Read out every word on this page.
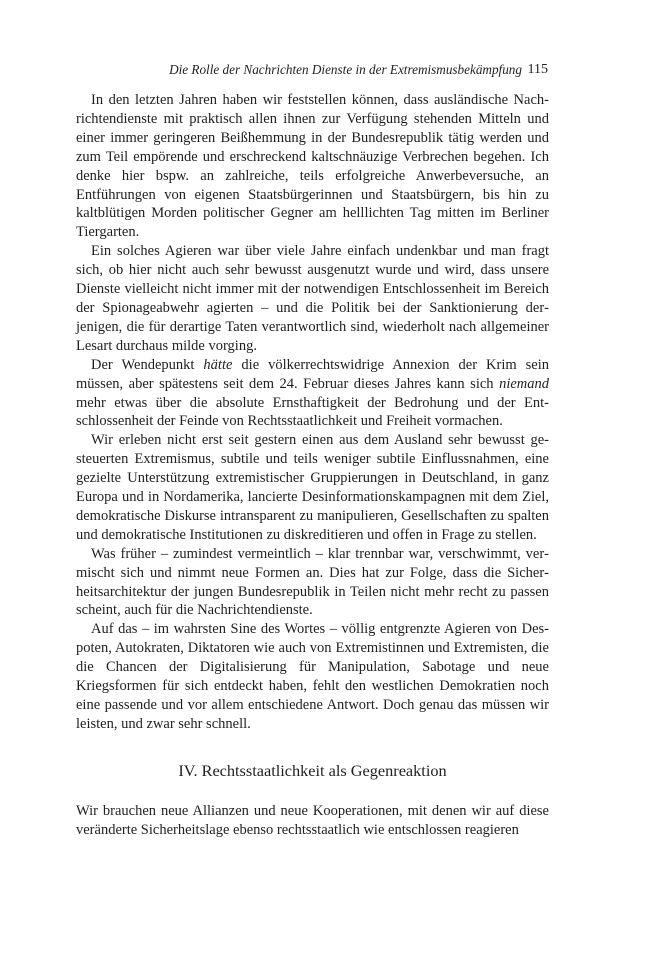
Die Rolle der Nachrichten Dienste in der Extremismusbekämpfung 115

In den letzten Jahren haben wir feststellen können, dass ausländische Nachrichtendienste mit praktisch allen ihnen zur Verfügung stehenden Mitteln und einer immer geringeren Beißhemmung in der Bundesrepublik tätig werden und zum Teil empörende und erschreckend kaltschnäuzige Verbrechen begehen. Ich denke hier bspw. an zahlreiche, teils erfolgreiche Anwerbeversuche, an Entführungen von eigenen Staatsbürgerinnen und Staatsbürgern, bis hin zu kaltblütigen Morden politischer Gegner am helllichten Tag mitten im Berliner Tiergarten.

Ein solches Agieren war über viele Jahre einfach undenkbar und man fragt sich, ob hier nicht auch sehr bewusst ausgenutzt wurde und wird, dass unsere Dienste vielleicht nicht immer mit der notwendigen Entschlossenheit im Bereich der Spionageabwehr agierten – und die Politik bei der Sanktionierung derjenigen, die für derartige Taten verantwortlich sind, wiederholt nach allgemeiner Lesart durchaus milde vorging.

Der Wendepunkt hätte die völkerrechtswidrige Annexion der Krim sein müssen, aber spätestens seit dem 24. Februar dieses Jahres kann sich niemand mehr etwas über die absolute Ernsthaftigkeit der Bedrohung und der Entschlossenheit der Feinde von Rechtsstaatlichkeit und Freiheit vormachen.

Wir erleben nicht erst seit gestern einen aus dem Ausland sehr bewusst gesteuerten Extremismus, subtile und teils weniger subtile Einflussnahmen, eine gezielte Unterstützung extremistischer Gruppierungen in Deutschland, in ganz Europa und in Nordamerika, lancierte Desinformationskampagnen mit dem Ziel, demokratische Diskurse intransparent zu manipulieren, Gesellschaften zu spalten und demokratische Institutionen zu diskreditieren und offen in Frage zu stellen.

Was früher – zumindest vermeintlich – klar trennbar war, verschwimmt, vermischt sich und nimmt neue Formen an. Dies hat zur Folge, dass die Sicherheitsarchitektur der jungen Bundesrepublik in Teilen nicht mehr recht zu passen scheint, auch für die Nachrichtendienste.

Auf das – im wahrsten Sine des Wortes – völlig entgrenzte Agieren von Despoten, Autokraten, Diktatoren wie auch von Extremistinnen und Extremisten, die die Chancen der Digitalisierung für Manipulation, Sabotage und neue Kriegsformen für sich entdeckt haben, fehlt den westlichen Demokratien noch eine passende und vor allem entschiedene Antwort. Doch genau das müssen wir leisten, und zwar sehr schnell.

IV. Rechtsstaatlichkeit als Gegenreaktion

Wir brauchen neue Allianzen und neue Kooperationen, mit denen wir auf diese veränderte Sicherheitslage ebenso rechtsstaatlich wie entschlossen reagieren
